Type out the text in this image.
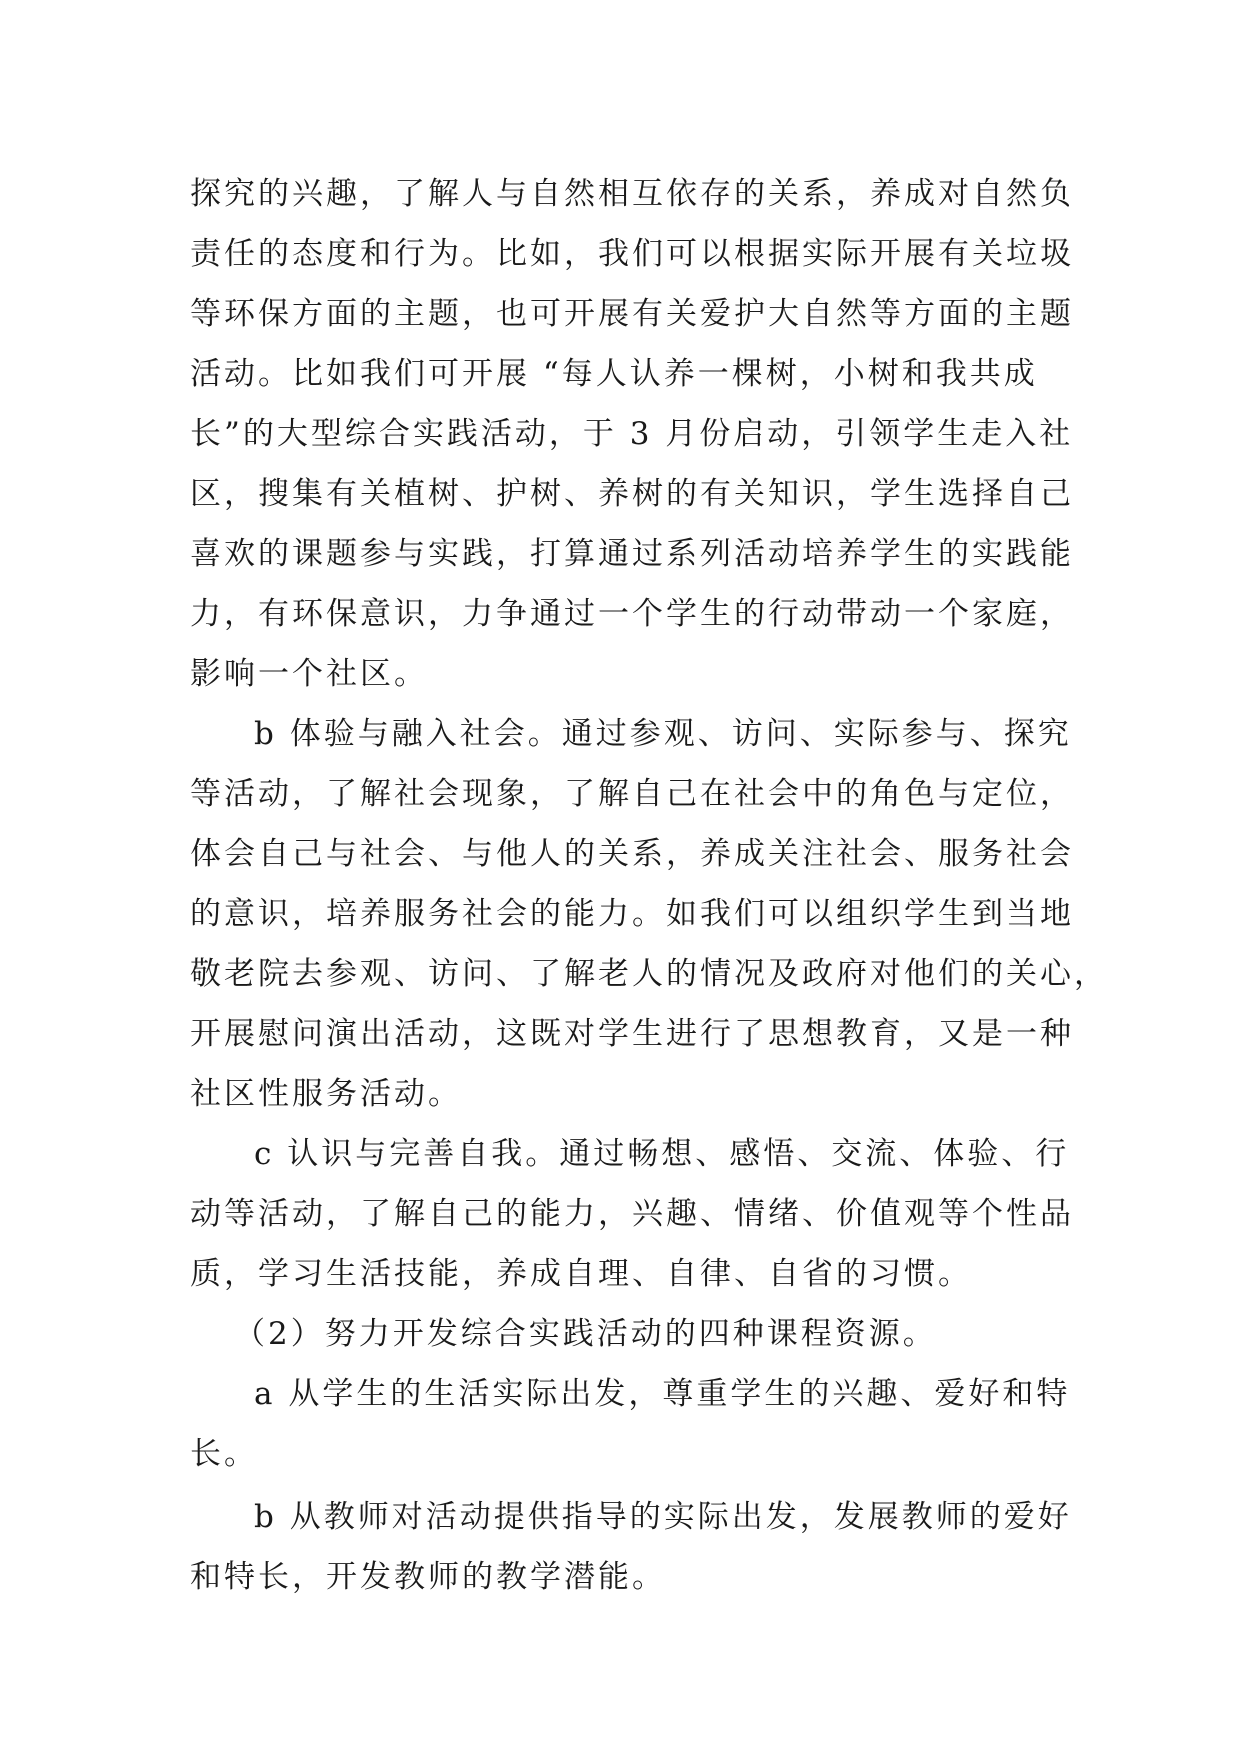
探究的兴趣，了解人与自然相互依存的关系，养成对自然负
责任的态度和行为。比如，我们可以根据实际开展有关垃圾
等环保方面的主题，也可开展有关爱护大自然等方面的主题
活动。比如我们可开展 “每人认养一棵树，小树和我共成
长”的大型综合实践活动，于 3 月份启动，引领学生走入社
区，搜集有关植树、护树、养树的有关知识，学生选择自己
喜欢的课题参与实践，打算通过系列活动培养学生的实践能
力，有环保意识，力争通过一个学生的行动带动一个家庭，
影响一个社区。
b 体验与融入社会。通过参观、访问、实际参与、探究
等活动，了解社会现象，了解自己在社会中的角色与定位，
体会自己与社会、与他人的关系，养成关注社会、服务社会
的意识，培养服务社会的能力。如我们可以组织学生到当地
敬老院去参观、访问、了解老人的情况及政府对他们的关心，
开展慰问演出活动，这既对学生进行了思想教育，又是一种
社区性服务活动。
c 认识与完善自我。通过畅想、感悟、交流、体验、行
动等活动，了解自己的能力，兴趣、情绪、价值观等个性品
质，学习生活技能，养成自理、自律、自省的习惯。
（2）努力开发综合实践活动的四种课程资源。
a 从学生的生活实际出发，尊重学生的兴趣、爱好和特
长。
b 从教师对活动提供指导的实际出发，发展教师的爱好
和特长，开发教师的教学潜能。
